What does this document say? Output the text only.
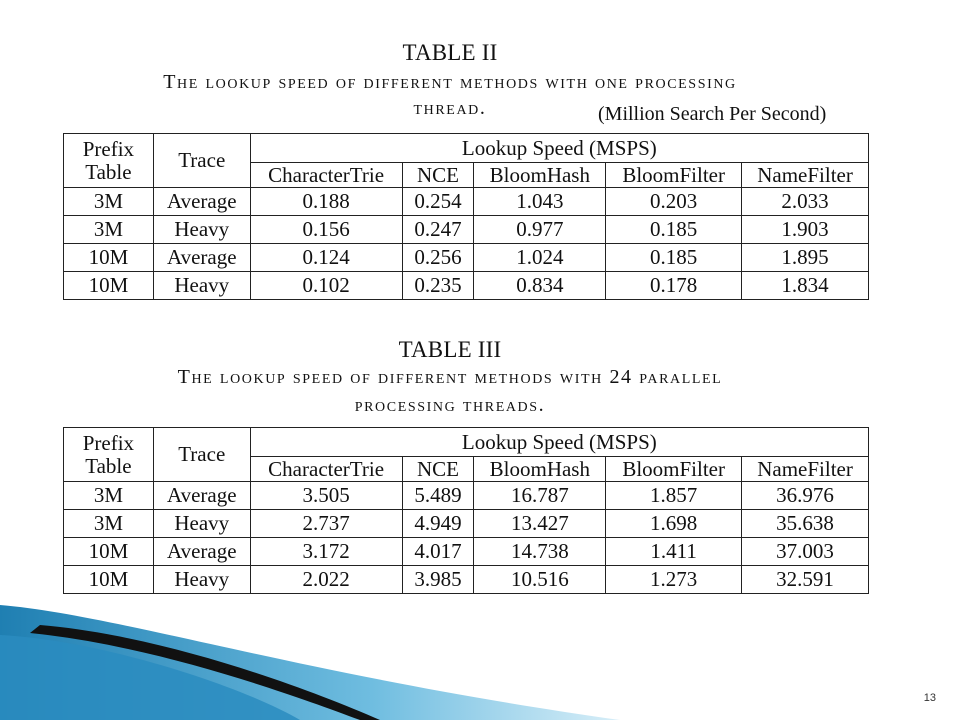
TABLE II
The lookup speed of different methods with one processing
thread.	(Million Search Per Second)
Prefix
Table	Trace	Lookup Speed (MSPS)				
		CharacterTrie	NCE	BloomHash	BloomFilter	NameFilter
3M	Average	0.188	0.254	1.043	0.203	2.033
3M	Heavy	0.156	0.247	0.977	0.185	1.903
10M	Average	0.124	0.256	1.024	0.185	1.895
10M	Heavy	0.102	0.235	0.834	0.178	1.834
TABLE III
The lookup speed of different methods with 24 parallel
processing threads.
Prefix
Table	Trace	Lookup Speed (MSPS)				
		CharacterTrie	NCE	BloomHash	BloomFilter	NameFilter
3M	Average	3.505	5.489	16.787	1.857	36.976
3M	Heavy	2.737	4.949	13.427	1.698	35.638
10M	Average	3.172	4.017	14.738	1.411	37.003
10M	Heavy	2.022	3.985	10.516	1.273	32.591
13
